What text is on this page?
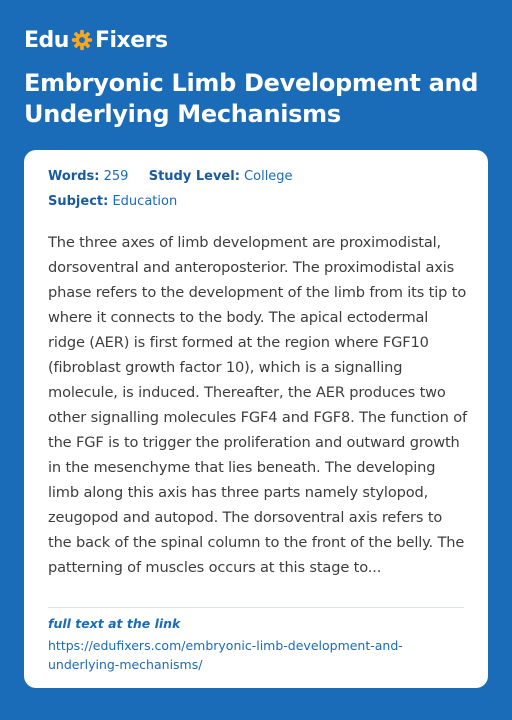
Edu Fixers
Embryonic Limb Development and Underlying Mechanisms
Words: 259 Study Level: College
Subject: Education
The three axes of limb development are proximodistal, dorsoventral and anteroposterior. The proximodistal axis phase refers to the development of the limb from its tip to where it connects to the body. The apical ectodermal ridge (AER) is first formed at the region where FGF10 (fibroblast growth factor 10), which is a signalling molecule, is induced. Thereafter, the AER produces two other signalling molecules FGF4 and FGF8. The function of the FGF is to trigger the proliferation and outward growth in the mesenchyme that lies beneath. The developing limb along this axis has three parts namely stylopod, zeugopod and autopod. The dorsoventral axis refers to the back of the spinal column to the front of the belly. The patterning of muscles occurs at this stage to...
full text at the link
https://edufixers.com/embryonic-limb-development-and-underlying-mechanisms/
